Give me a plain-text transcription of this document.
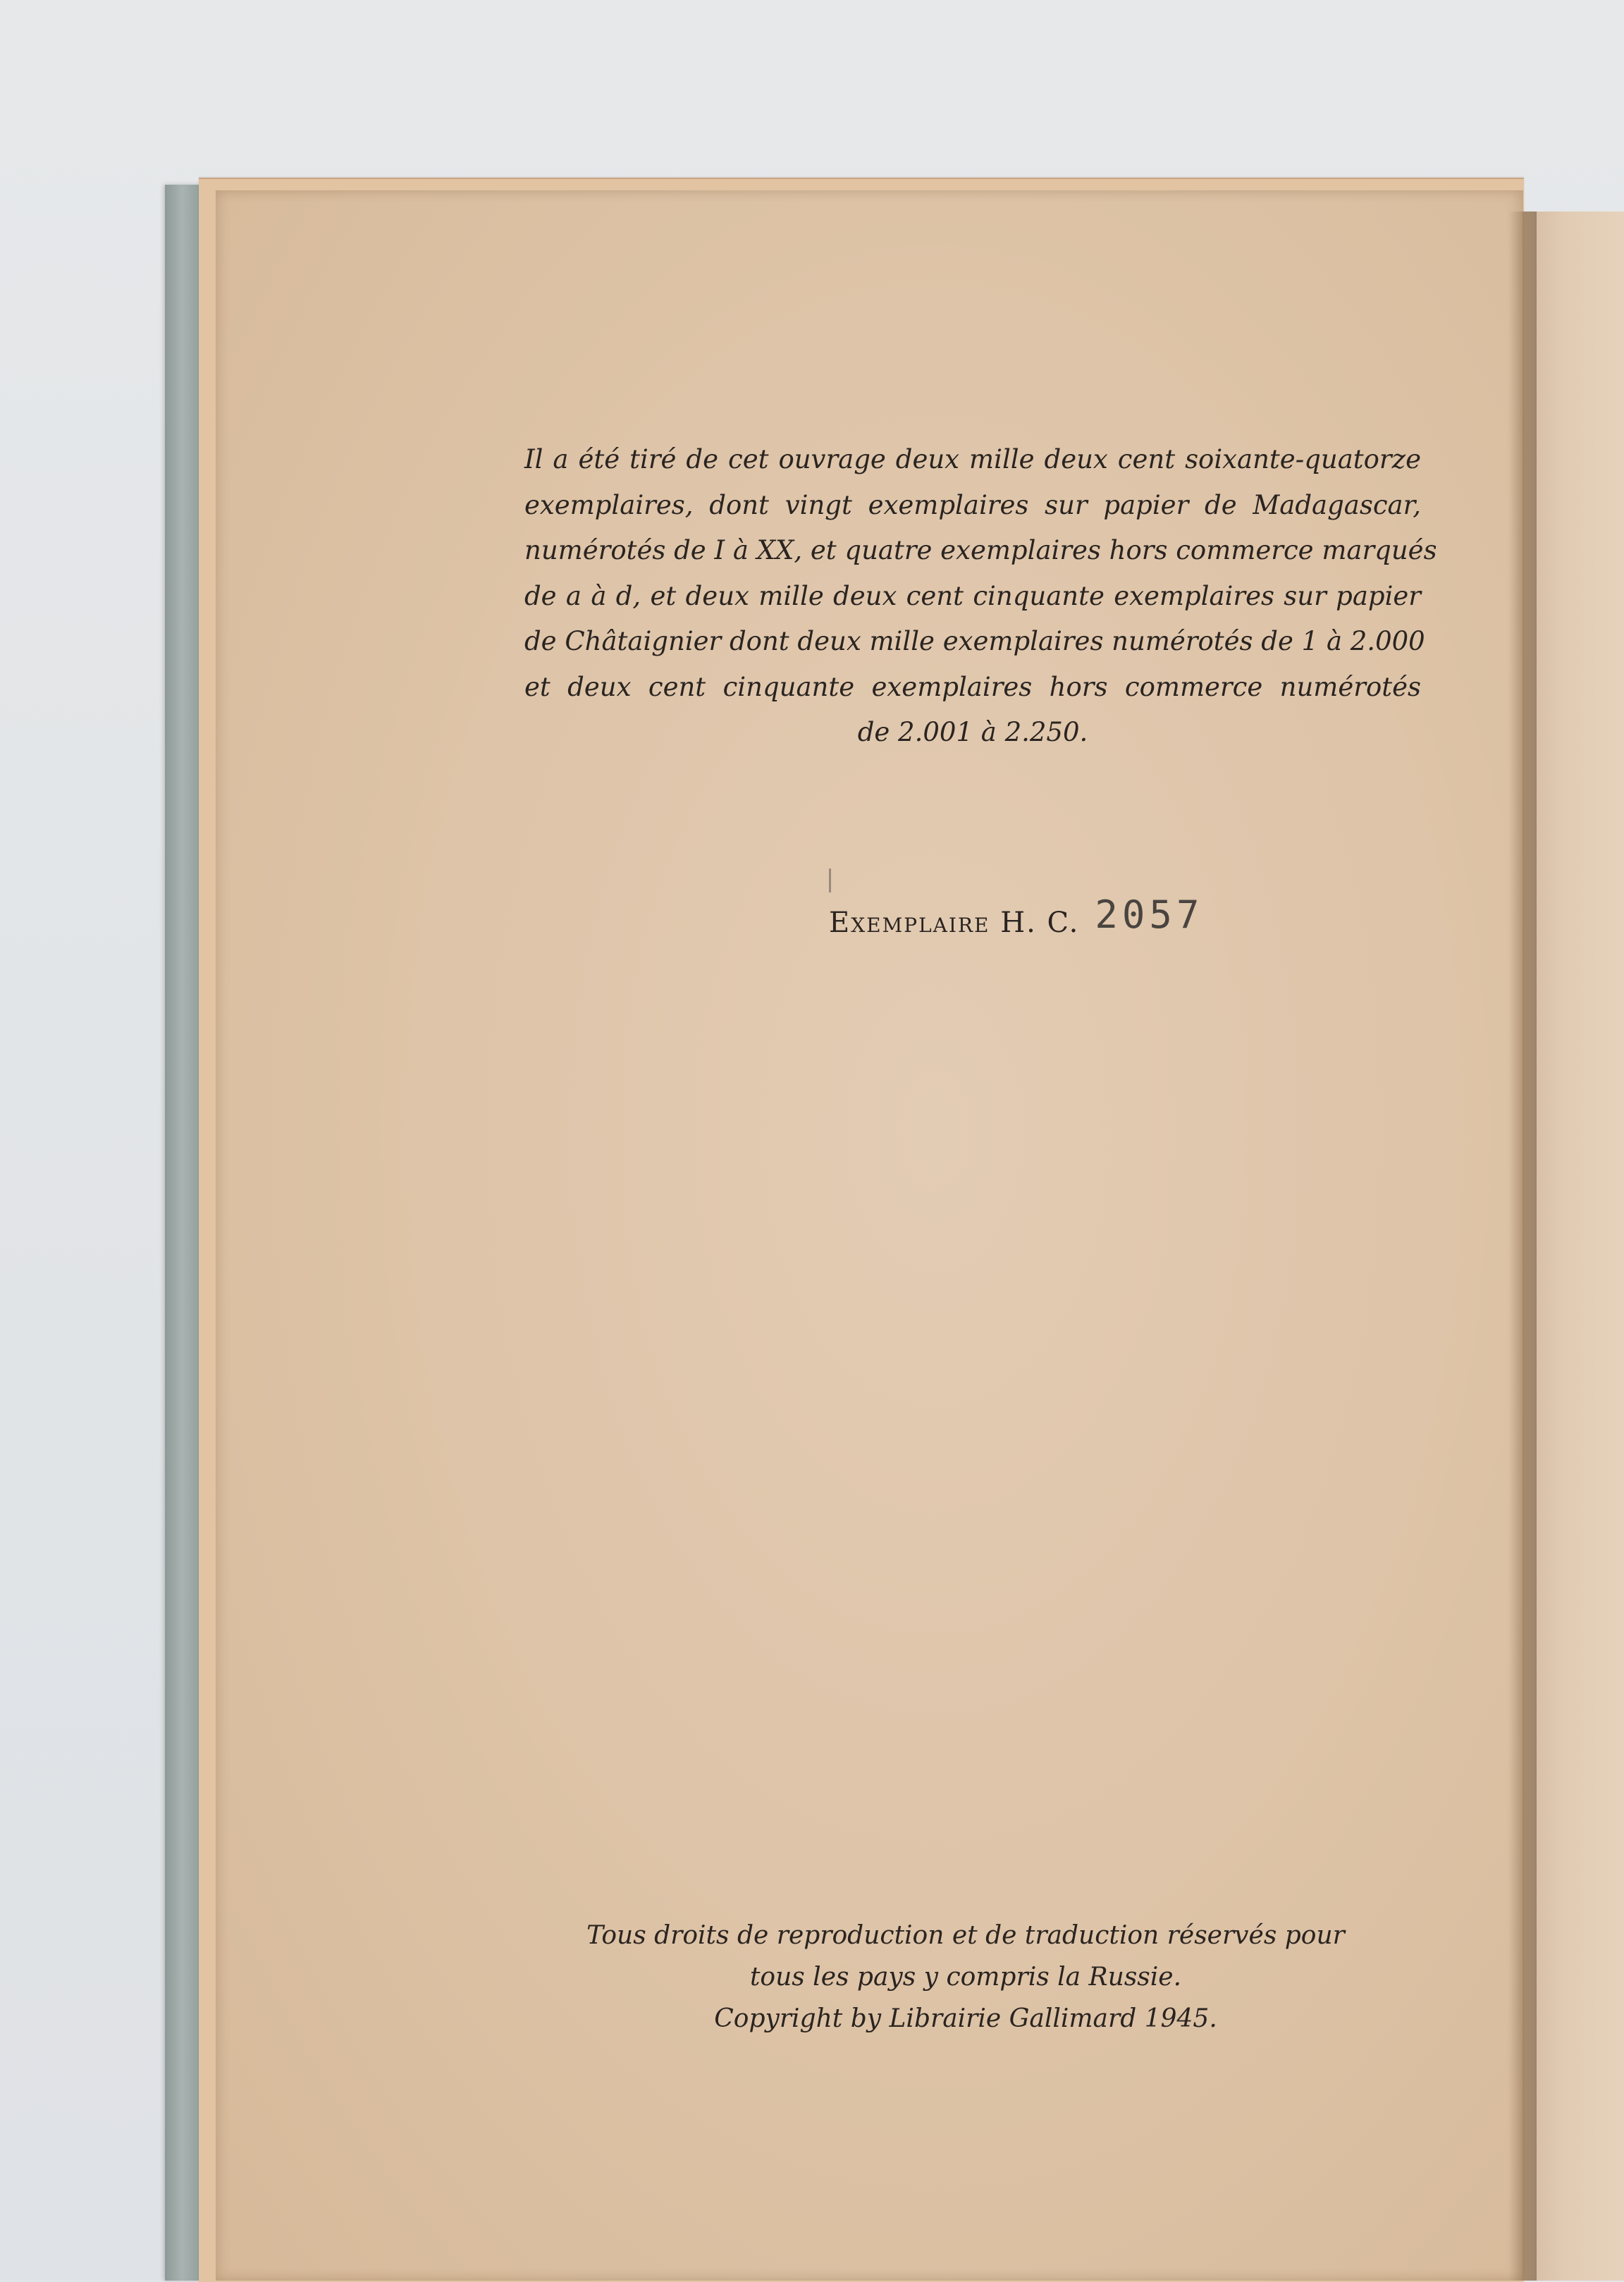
Il a été tiré de cet ouvrage deux mille deux cent soixante-quatorze
exemplaires, dont vingt exemplaires sur papier de Madagascar,
numérotés de I à XX, et quatre exemplaires hors commerce marqués
de a à d, et deux mille deux cent cinquante exemplaires sur papier
de Châtaignier dont deux mille exemplaires numérotés de 1 à 2.000
et deux cent cinquante exemplaires hors commerce numérotés
de 2.001 à 2.250.
Exemplaire H. C. 2057
Tous droits de reproduction et de traduction réservés pour
tous les pays y compris la Russie.
Copyright by Librairie Gallimard 1945.
